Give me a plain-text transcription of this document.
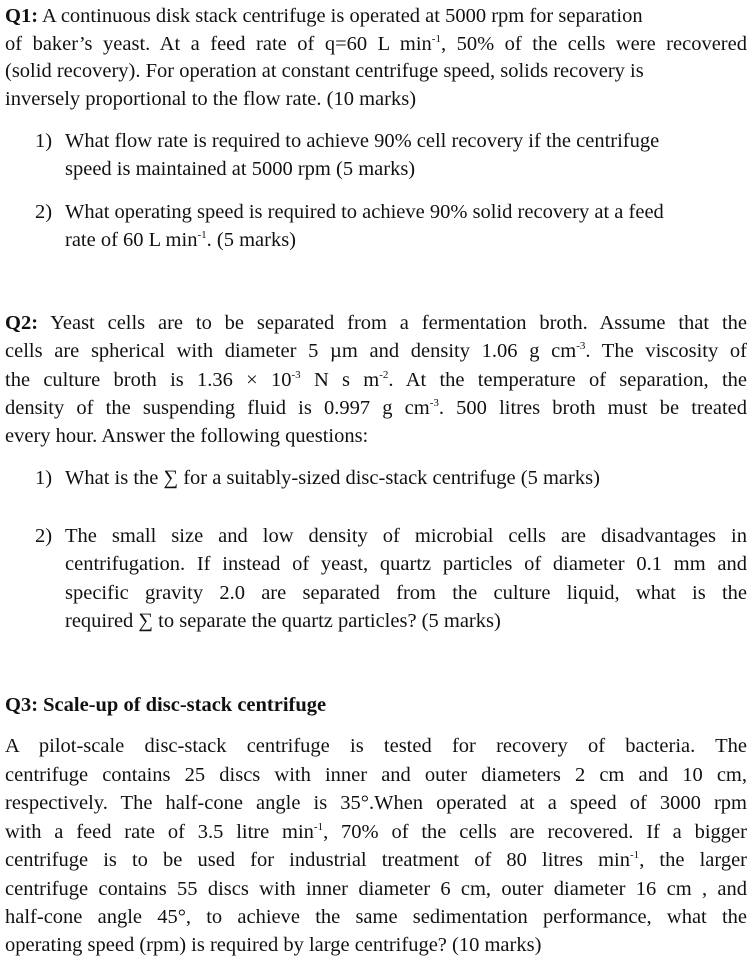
Q1: A continuous disk stack centrifuge is operated at 5000 rpm for separation
of baker’s yeast. At a feed rate of q=60 L $\min^{-1}$, 50% of the cells were recovered
(solid recovery). For operation at constant centrifuge speed, solids recovery is
inversely proportional to the flow rate. (10 marks)
1) What flow rate is required to achieve 90% cell recovery if the centrifuge
speed is maintained at 5000 rpm (5 marks)
2) What operating speed is required to achieve 90% solid recovery at a feed
rate of 60 L $\min^{-1}$. (5 marks)
Q2: Yeast cells are to be separated from a fermentation broth. Assume that the
cells are spherical with diameter 5 µm and density 1.06 g $cm^{-3}$. The viscosity of
the culture broth is $1.36 \times 10^{-3}$ N s $m^{-2}$. At the temperature of separation, the
density of the suspending fluid is 0.997 g $cm^{-3}$. 500 litres broth must be treated
every hour. Answer the following questions:
1) What is the ∑ for a suitably-sized disc-stack centrifuge (5 marks)
2) The small size and low density of microbial cells are disadvantages in
centrifugation. If instead of yeast, quartz particles of diameter 0.1 mm and
specific gravity 2.0 are separated from the culture liquid, what is the
required ∑ to separate the quartz particles? (5 marks)
Q3: Scale-up of disc-stack centrifuge
A pilot-scale disc-stack centrifuge is tested for recovery of bacteria. The
centrifuge contains 25 discs with inner and outer diameters 2 cm and 10 cm,
respectively. The half-cone angle is 35°.When operated at a speed of 3000 rpm
with a feed rate of 3.5 litre $\min^{-1}$, 70% of the cells are recovered. If a bigger
centrifuge is to be used for industrial treatment of 80 litres $\min^{-1}$, the larger
centrifuge contains 55 discs with inner diameter 6 cm, outer diameter 16 cm , and
half-cone angle 45°, to achieve the same sedimentation performance, what the
operating speed (rpm) is required by large centrifuge? (10 marks)
